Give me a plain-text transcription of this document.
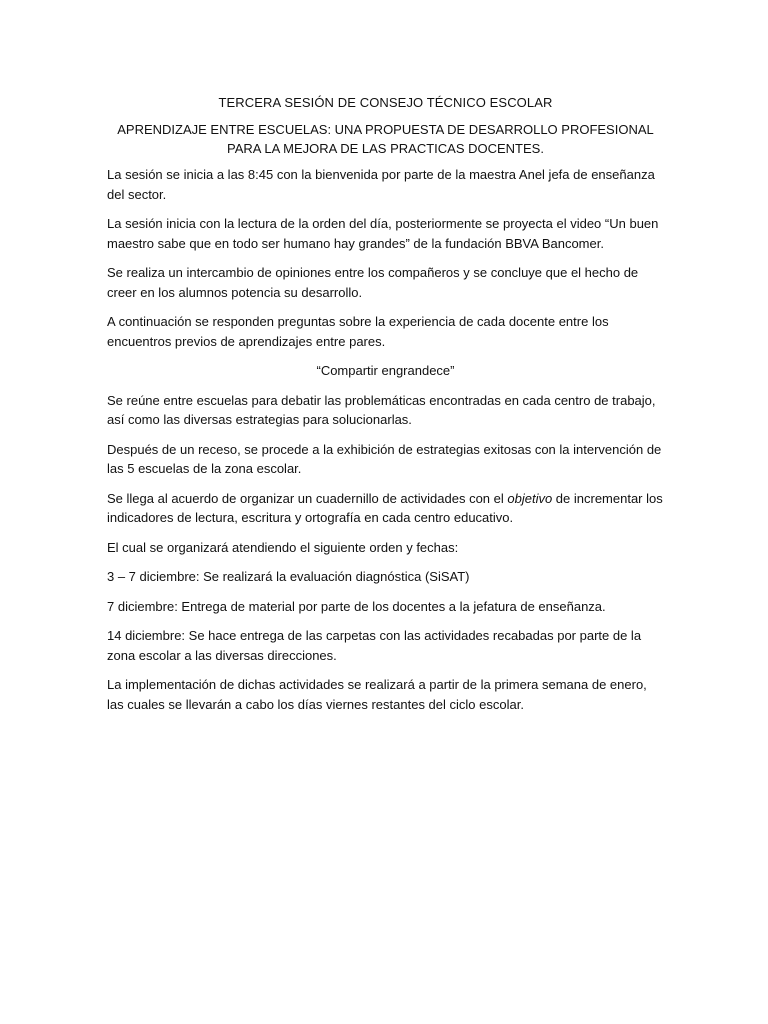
TERCERA SESIÓN DE CONSEJO TÉCNICO ESCOLAR
APRENDIZAJE ENTRE ESCUELAS: UNA PROPUESTA DE DESARROLLO PROFESIONAL PARA LA MEJORA DE LAS PRACTICAS DOCENTES.

La sesión se inicia a las 8:45 con la bienvenida por parte de la maestra Anel jefa de enseñanza del sector.

La sesión inicia con la lectura de la orden del día, posteriormente se proyecta el video “Un buen maestro sabe que en todo ser humano hay grandes” de la fundación BBVA Bancomer.

Se realiza un intercambio de opiniones entre los compañeros y se concluye que el hecho de creer en los alumnos potencia su desarrollo.

A continuación se responden preguntas sobre la experiencia de cada docente entre los encuentros previos de aprendizajes entre pares.

“Compartir engrandece”

Se reúne entre escuelas para debatir las problemáticas encontradas en cada centro de trabajo, así como las diversas estrategias para solucionarlas.

Después de un receso, se procede a la exhibición de estrategias exitosas con la intervención de las 5 escuelas de la zona escolar.

Se llega al acuerdo de organizar un cuadernillo de actividades con el objetivo de incrementar los indicadores de lectura, escritura y ortografía en cada centro educativo.

El cual se organizará atendiendo el siguiente orden y fechas:

3 – 7 diciembre: Se realizará la evaluación diagnóstica (SiSAT)

7 diciembre: Entrega de material por parte de los docentes a la jefatura de enseñanza.

14 diciembre: Se hace entrega de las carpetas con las actividades recabadas por parte de la zona escolar a las diversas direcciones.

La implementación de dichas actividades se realizará a partir de la primera semana de enero, las cuales se llevarán a cabo los días viernes restantes del ciclo escolar.
